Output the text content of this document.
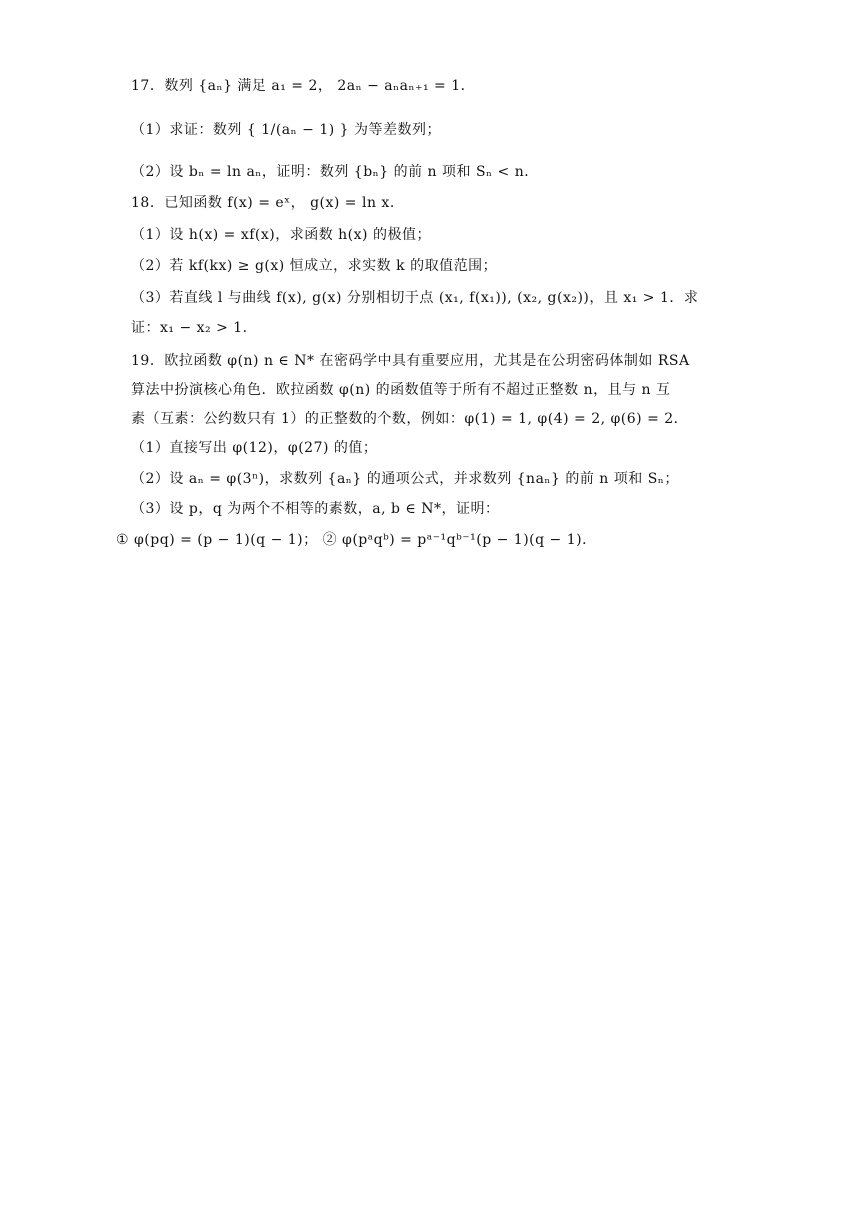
17．数列 {aₙ} 满足 a₁ = 2， 2aₙ − aₙaₙ₊₁ = 1．
（1）求证：数列 { 1/(aₙ − 1) } 为等差数列；
（2）设 bₙ = ln aₙ，证明：数列 {bₙ} 的前 n 项和 Sₙ < n．
18．已知函数 f(x) = eˣ， g(x) = ln x．
（1）设 h(x) = xf(x)，求函数 h(x) 的极值；
（2）若 kf(kx) ≥ g(x) 恒成立，求实数 k 的取值范围；
（3）若直线 l 与曲线 f(x), g(x) 分别相切于点 (x₁, f(x₁)), (x₂, g(x₂))，且 x₁ > 1．求
证：x₁ − x₂ > 1．
19．欧拉函数 φ(n) n ∈ N* 在密码学中具有重要应用，尤其是在公玥密码体制如 RSA
算法中扮演核心角色．欧拉函数 φ(n) 的函数值等于所有不超过正整数 n，且与 n 互
素（互素：公约数只有 1）的正整数的个数，例如：φ(1) = 1, φ(4) = 2, φ(6) = 2．
（1）直接写出 φ(12)，φ(27) 的值；
（2）设 aₙ = φ(3ⁿ)，求数列 {aₙ} 的通项公式，并求数列 {naₙ} 的前 n 项和 Sₙ；
（3）设 p，q 为两个不相等的素数，a, b ∈ N*，证明：
① φ(pq) = (p − 1)(q − 1)； ② φ(pᵃqᵇ) = pᵃ⁻¹qᵇ⁻¹(p − 1)(q − 1)．
